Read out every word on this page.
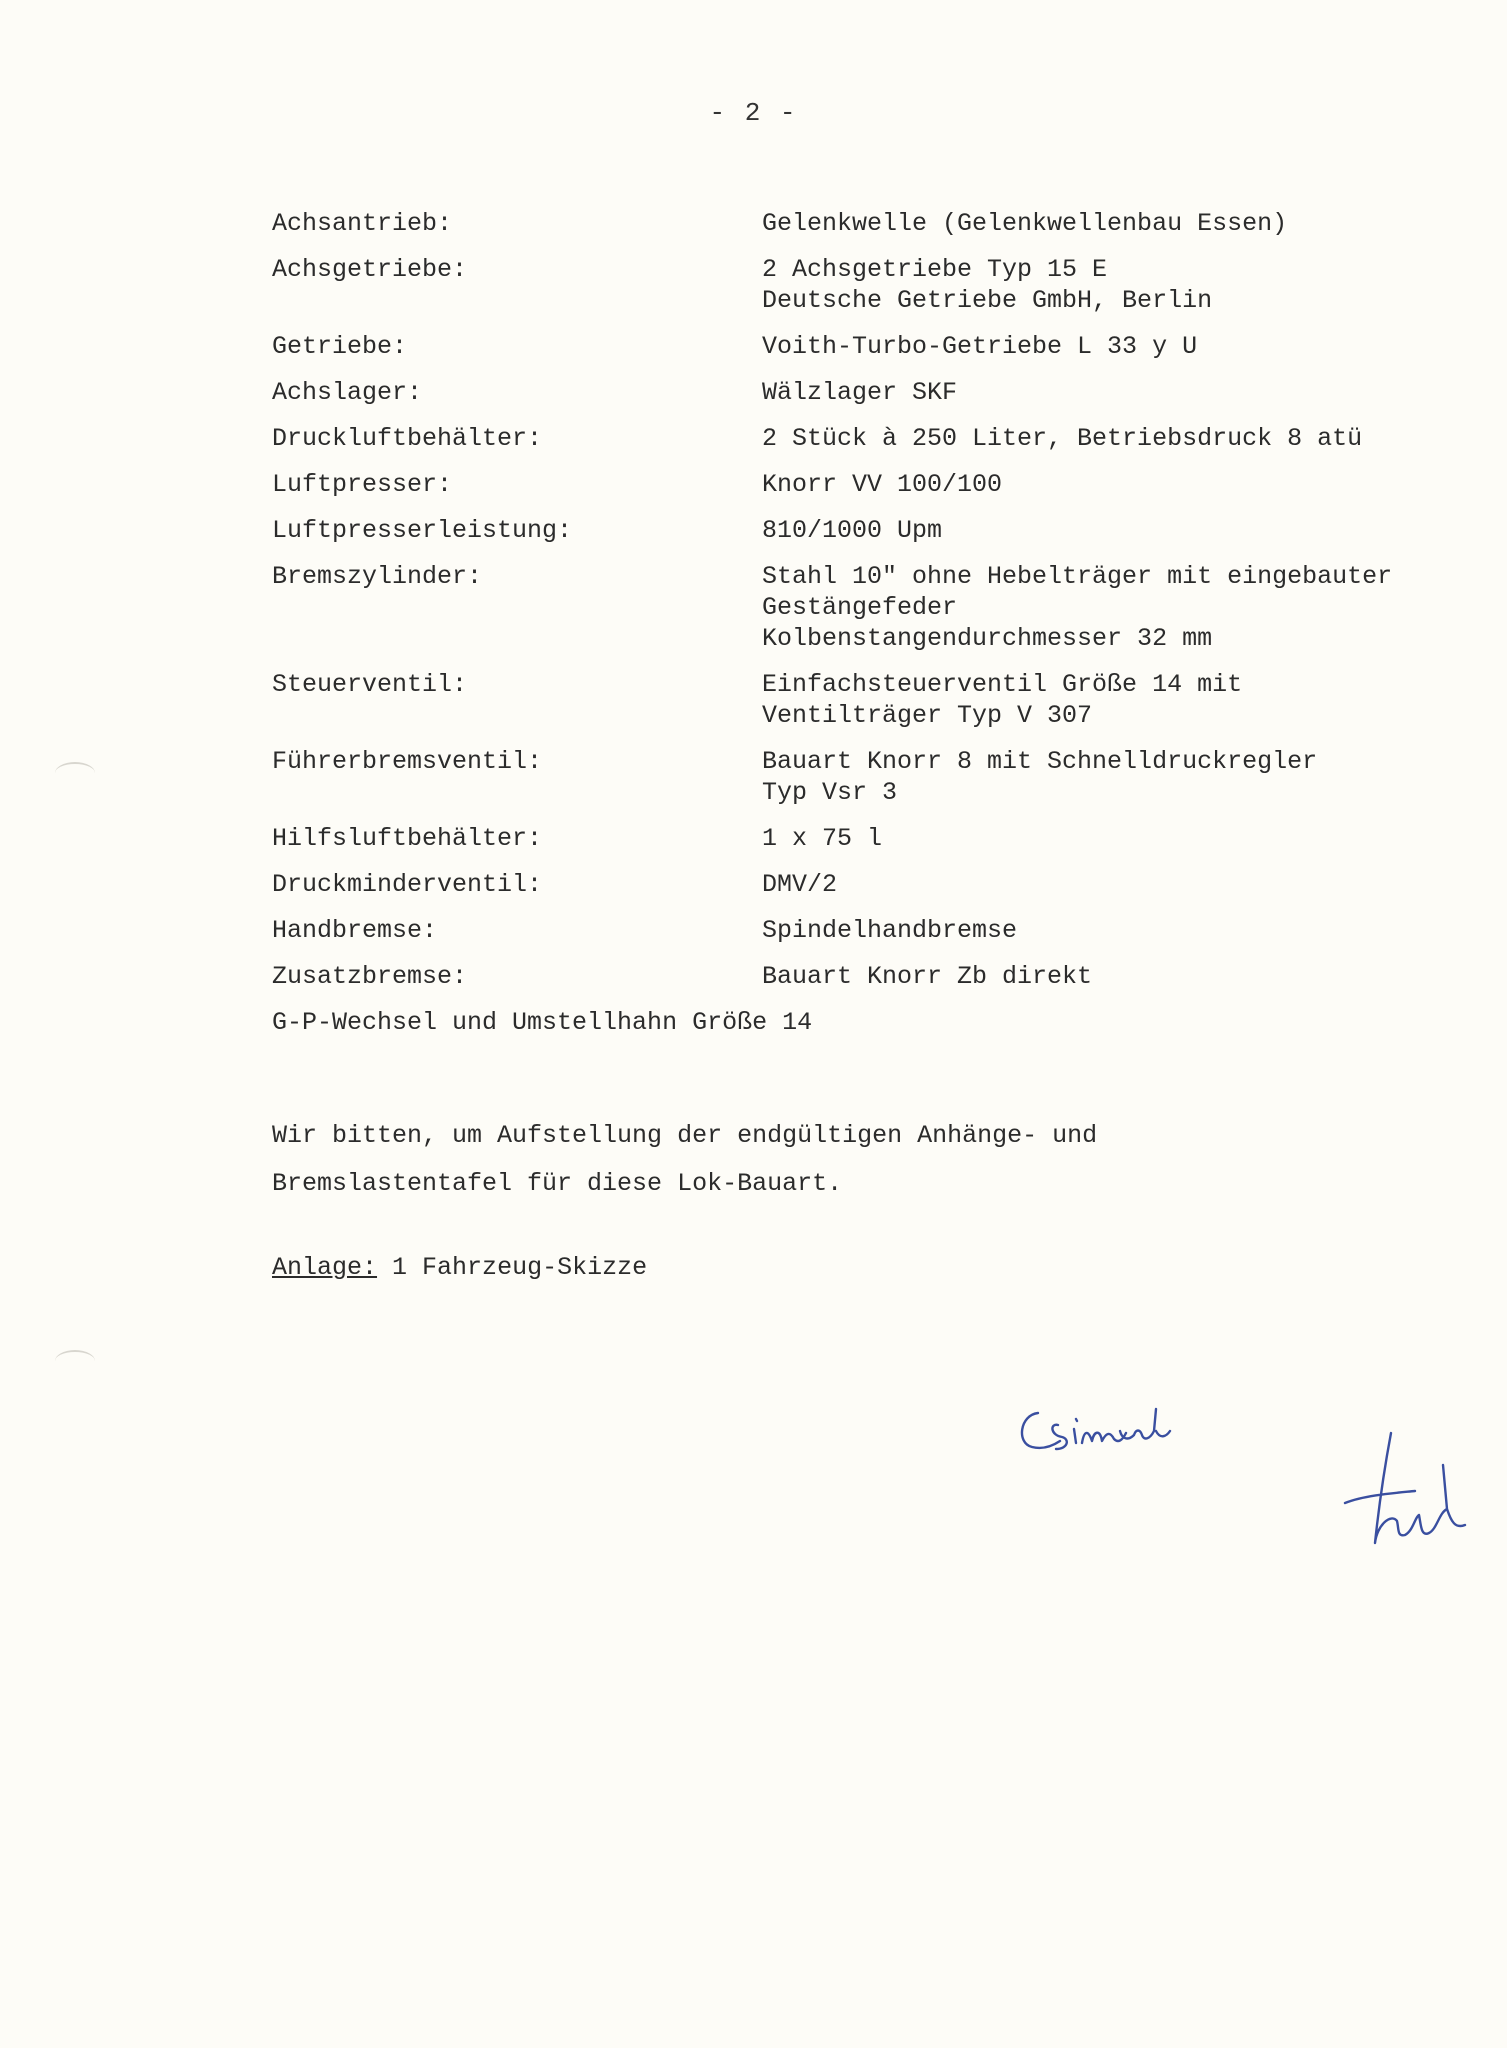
- 2 -
Achsantrieb:	Gelenkwelle (Gelenkwellenbau Essen)
Achsgetriebe:	2 Achsgetriebe Typ 15 E
Deutsche Getriebe GmbH, Berlin
Getriebe:	Voith-Turbo-Getriebe L 33 y U
Achslager:	Wälzlager SKF
Druckluftbehälter:	2 Stück à 250 Liter, Betriebsdruck 8 atü
Luftpresser:	Knorr VV 100/100
Luftpresserleistung:	810/1000 Upm
Bremszylinder:	Stahl 10" ohne Hebelträger mit eingebauter
Gestängefeder
Kolbenstangendurchmesser 32 mm
Steuerventil:	Einfachsteuerventil Größe 14 mit
Ventilträger Typ V 307
Führerbremsventil:	Bauart Knorr 8 mit Schnelldruckregler
Typ Vsr 3
Hilfsluftbehälter:	1 x 75 l
Druckminderventil:	DMV/2
Handbremse:	Spindelhandbremse
Zusatzbremse:	Bauart Knorr Zb direkt
G-P-Wechsel und Umstellhahn Größe 14
Wir bitten, um Aufstellung der endgültigen Anhänge- und
Bremslastentafel für diese Lok-Bauart.
Anlage: 1 Fahrzeug-Skizze
